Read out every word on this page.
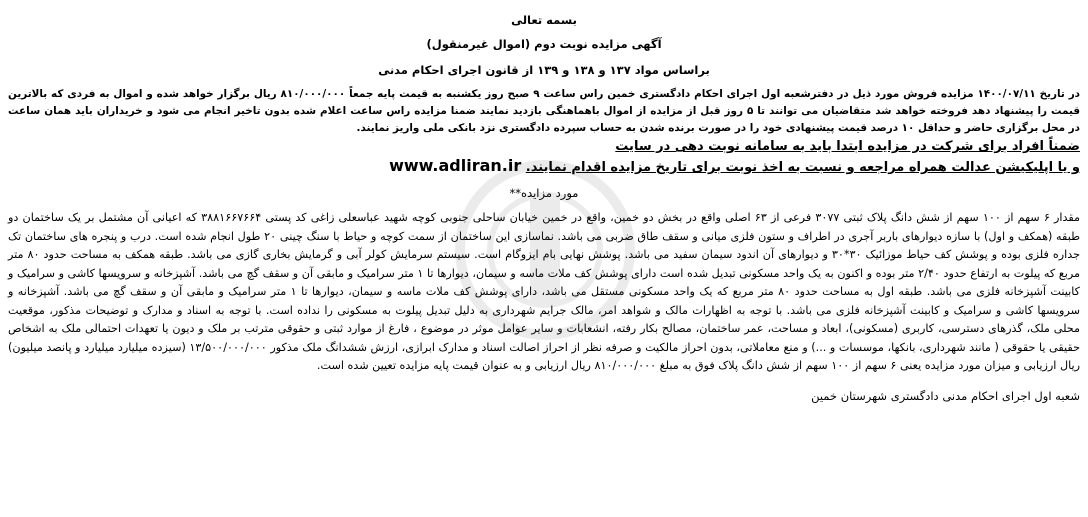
بسمه تعالی
آگهی مزایده نوبت دوم (اموال غیرمنقول)
براساس مواد ۱۳۷ و ۱۳۸ و ۱۳۹ از قانون اجرای احکام مدنی
در تاریخ ۱۴۰۰/۰۷/۱۱ مزایده فروش مورد ذیل در دفترشعبه اول اجرای احکام دادگستری خمین راس ساعت ۹ صبح روز یکشنبه به قیمت پایه جمعاً ۸۱۰/۰۰۰/۰۰۰ ریال برگزار خواهد شده و اموال به فردی که بالاترین قیمت را پیشنهاد دهد فروخته خواهد شد متقاضیان می توانند تا ۵ روز قبل از مزایده از اموال باهماهنگی بازدید نمایند ضمنا مزایده راس ساعت اعلام شده بدون تاخیر انجام می شود و خریداران باید همان ساعت در محل برگزاری حاضر و حداقل ۱۰ درصد قیمت پیشنهادی خود را در صورت برنده شدن به حساب سپرده دادگستری نزد بانکی ملی واریز نمایند.
ضمناً افراد برای شرکت در مزایده ابتدا باید به سامانه نوبت دهی در سایت
و یا اپلیکیشن عدالت همراه مراجعه و نسبت به اخذ نوبت برای تاریخ مزایده اقدام نمایند. www.adliran.ir
مورد مزایده**
مقدار ۶ سهم از ۱۰۰ سهم از شش دانگ پلاک ثبتی ۳۰۷۷ فرعی از ۶۳ اصلی واقع در بخش دو خمین، واقع در خمین خیابان ساحلی جنوبی کوچه شهید عباسعلی زاغی کد پستی ۳۸۸۱۶۶۷۶۶۴ که اعیانی آن مشتمل بر یک ساختمان دو طبقه (همکف و اول) با سازه دیوارهای باربر آجری در اطراف و ستون فلزی میانی و سقف طاق ضربی می باشد. نماسازی این ساختمان از سمت کوچه و حیاط با سنگ چینی ۲۰ طول انجام شده است. درب و پنجره های ساختمان تک جداره فلزی بوده و پوشش کف حیاط موزائیک ۳۰*۳۰ و دیوارهای آن اندود سیمان سفید می باشد. پوشش نهایی بام ایزوگام است. سیستم سرمایش کولر آبی و گرمایش بخاری گازی می باشد. طبقه همکف به مساحت حدود ۸۰ متر مربع که پیلوت به ارتفاع حدود ۲/۴۰ متر بوده و اکنون به یک واحد مسکونی تبدیل شده است دارای پوشش کف ملات ماسه و سیمان، دیوارها تا ۱ متر سرامیک و مابقی آن و سقف گچ می باشد. آشپزخانه و سرویسها کاشی و سرامیک و کابینت آشپزخانه فلزی می باشد. طبقه اول به مساحت حدود ۸۰ متر مربع که یک واحد مسکونی مستقل می باشد، دارای پوشش کف ملات ماسه و سیمان، دیوارها تا ۱ متر سرامیک و مابقی آن و سقف گچ می باشد. آشپزخانه و سرویسها کاشی و سرامیک و کابینت آشپزخانه فلزی می باشد. با توجه به اظهارات مالک و شواهد امر، مالک جرایم شهرداری به دلیل تبدیل پیلوت به مسکونی را نداده است. با توجه به اسناد و مدارک و توضیحات مذکور، موقعیت محلی ملک، گذرهای دسترسی، کاربری (مسکونی)، ابعاد و مساحت، عمر ساختمان، مصالح بکار رفته، انشعابات و سایر عوامل موثر در موضوع ، فارغ از موارد ثبتی و حقوقی مترتب بر ملک و دیون یا تعهدات احتمالی ملک به اشخاص حقیقی یا حقوقی ( مانند شهرداری، بانکها، موسسات و ...) و منع معاملاتی، بدون احراز مالکیت و صرفه نظر از احراز اصالت اسناد و مدارک ابرازی، ارزش ششدانگ ملک مذکور ۱۳/۵۰۰/۰۰۰/۰۰۰ (سیزده میلیارد میلیارد و پانصد میلیون) ریال ارزیابی و میزان مورد مزایده یعنی ۶ سهم از ۱۰۰ سهم از شش دانگ پلاک فوق به مبلغ ۸۱۰/۰۰۰/۰۰۰ ریال ارزیابی و به عنوان قیمت پایه مزایده تعیین شده است.
شعبه اول اجرای احکام مدنی دادگستری شهرستان خمین
